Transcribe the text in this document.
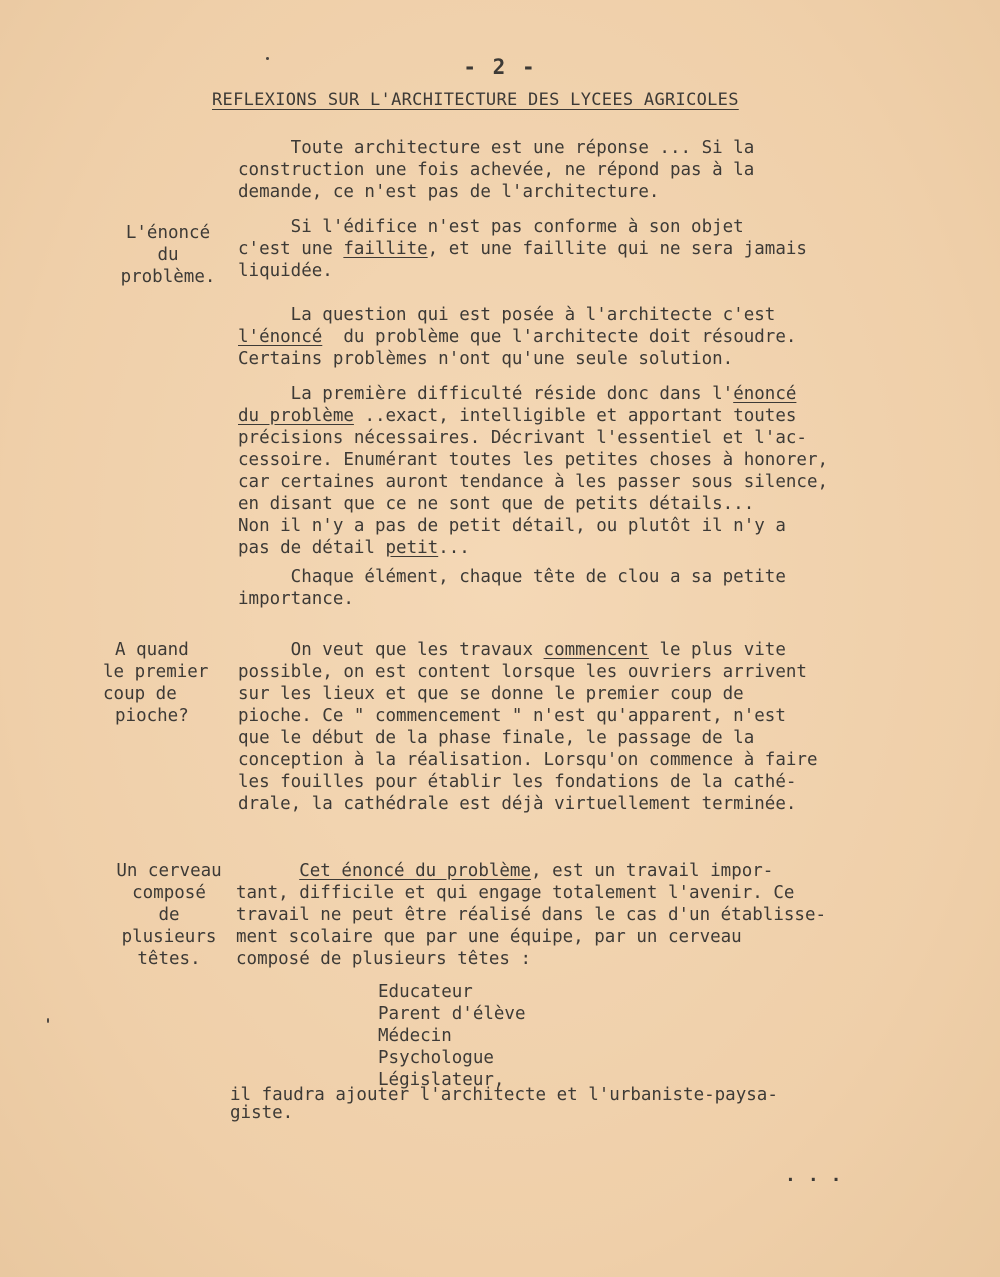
- 2 -
REFLEXIONS SUR L'ARCHITECTURE DES LYCEES AGRICOLES

Toute architecture est une réponse ... Si la

construction une fois achevée, ne répond pas à la

demande, ce n'est pas de l'architecture.

L'énoncé
du
problème.

Si l'édifice n'est pas conforme à son objet

c'est une faillite, et une faillite qui ne sera jamais

liquidée.

La question qui est posée à l'architecte c'est

l'énoncé  du problème que l'architecte doit résoudre.

Certains problèmes n'ont qu'une seule solution.

La première difficulté réside donc dans l'énoncé

du problème ..exact, intelligible et apportant toutes

précisions nécessaires. Décrivant l'essentiel et l'ac-

cessoire. Enumérant toutes les petites choses à honorer,

car certaines auront tendance à les passer sous silence,

en disant que ce ne sont que de petits détails...

Non il n'y a pas de petit détail, ou plutôt il n'y a

pas de détail petit...

Chaque élément, chaque tête de clou a sa petite

importance.

A quand
le premier
coup de
pioche?

On veut que les travaux commencent le plus vite

possible, on est content lorsque les ouvriers arrivent

sur les lieux et que se donne le premier coup de

pioche. Ce " commencement " n'est qu'apparent, n'est

que le début de la phase finale, le passage de la

conception à la réalisation. Lorsqu'on commence à faire

les fouilles pour établir les fondations de la cathé-

drale, la cathédrale est déjà virtuellement terminée.

Un cerveau
composé
de
plusieurs
têtes.

Cet énoncé du problème, est un travail impor-

tant, difficile et qui engage totalement l'avenir. Ce

travail ne peut être réalisé dans le cas d'un établisse-

ment scolaire que par une équipe, par un cerveau

composé de plusieurs têtes :

Educateur
Parent d'élève
Médecin
Psychologue
Législateur,

il faudra ajouter l'architecte et l'urbaniste-paysa-

giste.

...
